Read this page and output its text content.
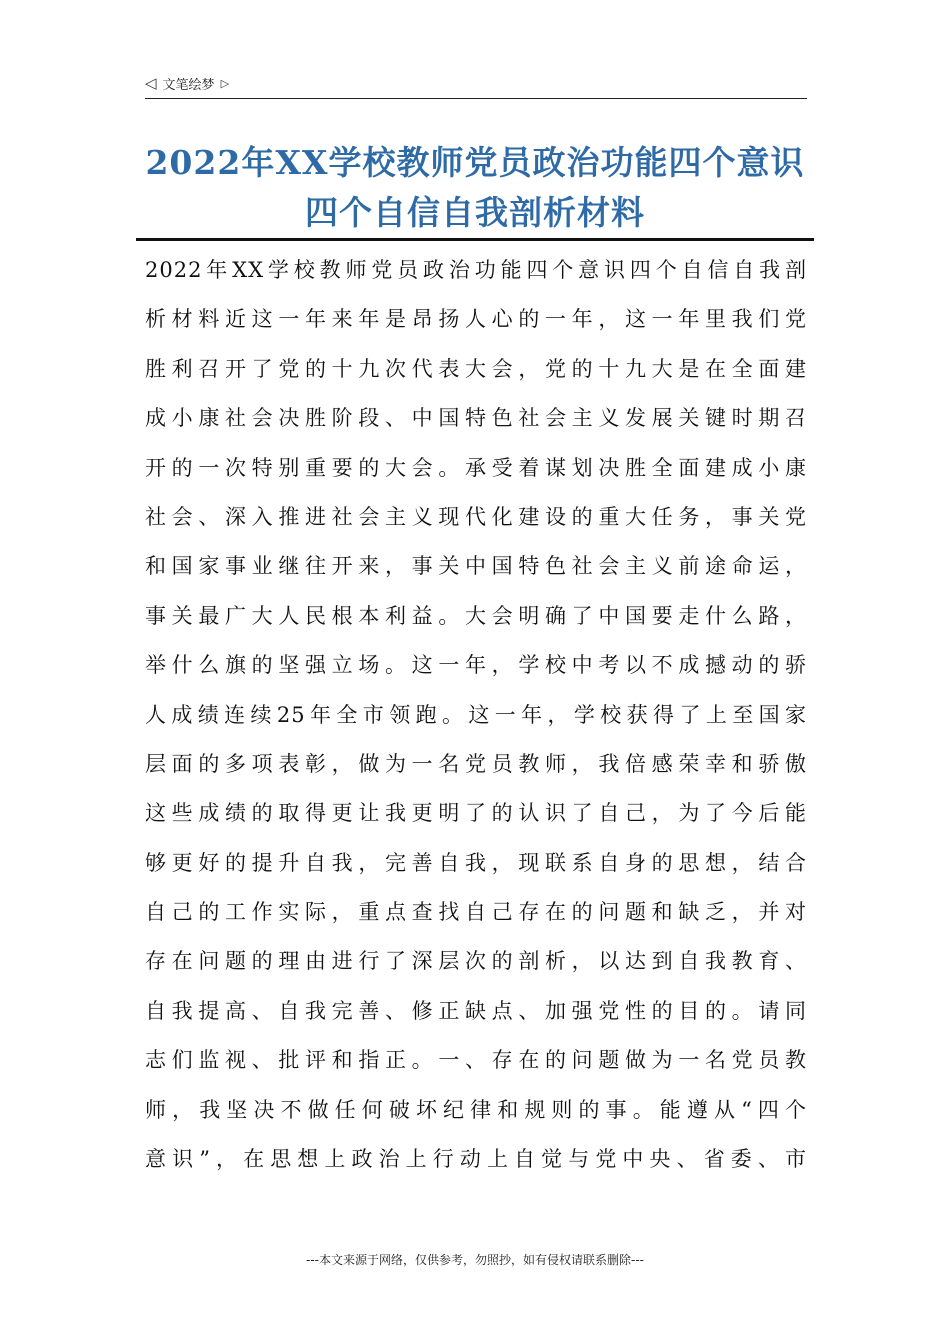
◁ 文笔绘梦 ▷
2022年XX学校教师党员政治功能四个意识
四个自信自我剖析材料
2022年XX学校教师党员政治功能四个意识四个自信自我剖
析材料近这一年来年是昂扬人心的一年，这一年里我们党
胜利召开了党的十九次代表大会，党的十九大是在全面建
成小康社会决胜阶段、中国特色社会主义发展关键时期召
开的一次特别重要的大会。承受着谋划决胜全面建成小康
社会、深入推进社会主义现代化建设的重大任务，事关党
和国家事业继往开来，事关中国特色社会主义前途命运，
事关最广大人民根本利益。大会明确了中国要走什么路，
举什么旗的坚强立场。这一年，学校中考以不成撼动的骄
人成绩连续25年全市领跑。这一年，学校获得了上至国家
层面的多项表彰，做为一名党员教师，我倍感荣幸和骄傲
这些成绩的取得更让我更明了的认识了自己，为了今后能
够更好的提升自我，完善自我，现联系自身的思想，结合
自己的工作实际，重点查找自己存在的问题和缺乏，并对
存在问题的理由进行了深层次的剖析，以达到自我教育、
自我提高、自我完善、修正缺点、加强党性的目的。请同
志们监视、批评和指正。一、存在的问题做为一名党员教
师，我坚决不做任何破坏纪律和规则的事。能遵从“四个
意识”，在思想上政治上行动上自觉与党中央、省委、市
---本文来源于网络，仅供参考，勿照抄，如有侵权请联系删除---
